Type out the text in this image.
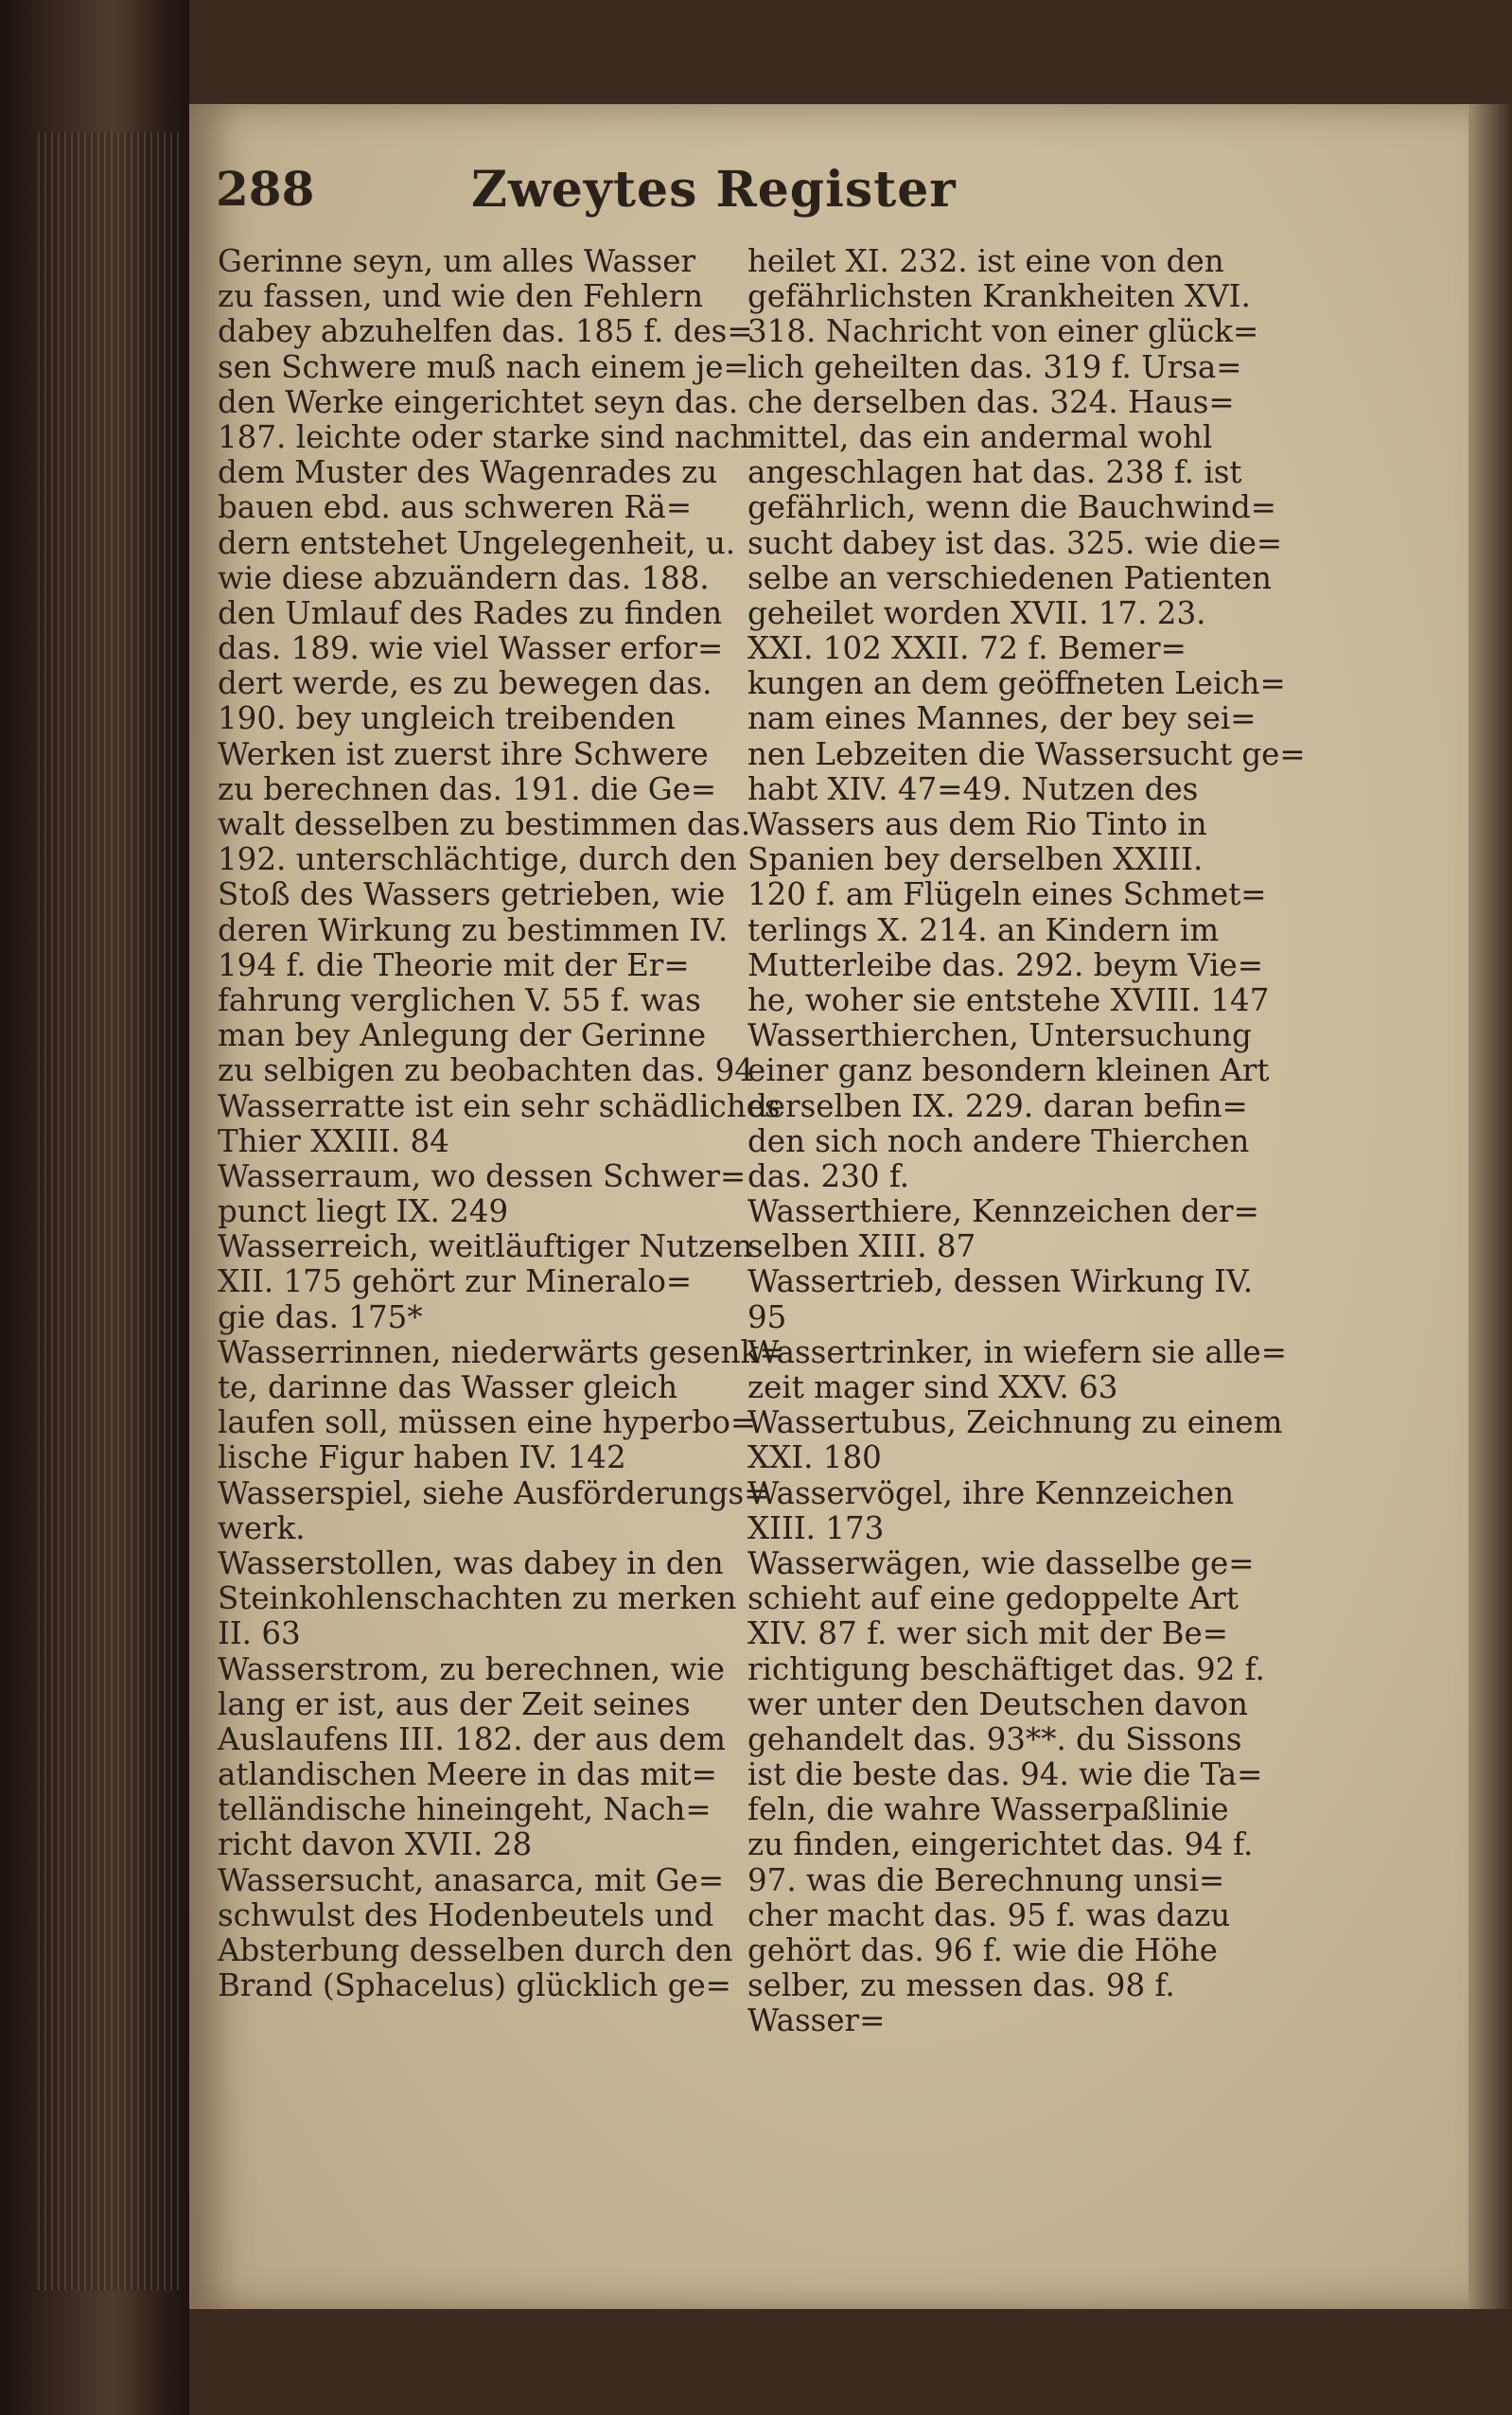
288	Zweytes Register
Gerinne seyn, um alles Wasser
zu fassen, und wie den Fehlern
dabey abzuhelfen das. 185 f. des=
sen Schwere muß nach einem je=
den Werke eingerichtet seyn das.
187. leichte oder starke sind nach
dem Muster des Wagenrades zu
bauen ebd. aus schweren Rä=
dern entstehet Ungelegenheit, u.
wie diese abzuändern das. 188.
den Umlauf des Rades zu finden
das. 189. wie viel Wasser erfor=
dert werde, es zu bewegen das.
190. bey ungleich treibenden
Werken ist zuerst ihre Schwere
zu berechnen das. 191. die Ge=
walt desselben zu bestimmen das.
192. unterschlächtige, durch den
Stoß des Wassers getrieben, wie
deren Wirkung zu bestimmen IV.
194 f. die Theorie mit der Er=
fahrung verglichen V. 55 f. was
man bey Anlegung der Gerinne
zu selbigen zu beobachten das. 94
Wasserratte ist ein sehr schädliches
Thier XXIII. 84
Wasserraum, wo dessen Schwer=
punct liegt IX. 249
Wasserreich, weitläuftiger Nutzen
XII. 175 gehört zur Mineralo=
gie das. 175*
Wasserrinnen, niederwärts gesenk=
te, darinne das Wasser gleich
laufen soll, müssen eine hyperbo=
lische Figur haben IV. 142
Wasserspiel, siehe Ausförderungs=
werk.
Wasserstollen, was dabey in den
Steinkohlenschachten zu merken
II. 63
Wasserstrom, zu berechnen, wie
lang er ist, aus der Zeit seines
Auslaufens III. 182. der aus dem
atlandischen Meere in das mit=
telländische hineingeht, Nach=
richt davon XVII. 28
Wassersucht, anasarca, mit Ge=
schwulst des Hodenbeutels und
Absterbung desselben durch den
Brand (Sphacelus) glücklich ge=
heilet XI. 232. ist eine von den
gefährlichsten Krankheiten XVI.
318. Nachricht von einer glück=
lich geheilten das. 319 f. Ursa=
che derselben das. 324. Haus=
mittel, das ein andermal wohl
angeschlagen hat das. 238 f. ist
gefährlich, wenn die Bauchwind=
sucht dabey ist das. 325. wie die=
selbe an verschiedenen Patienten
geheilet worden XVII. 17. 23.
XXI. 102 XXII. 72 f. Bemer=
kungen an dem geöffneten Leich=
nam eines Mannes, der bey sei=
nen Lebzeiten die Wassersucht ge=
habt XIV. 47=49. Nutzen des
Wassers aus dem Rio Tinto in
Spanien bey derselben XXIII.
120 f. am Flügeln eines Schmet=
terlings X. 214. an Kindern im
Mutterleibe das. 292. beym Vie=
he, woher sie entstehe XVIII. 147
Wasserthierchen, Untersuchung
einer ganz besondern kleinen Art
derselben IX. 229. daran befin=
den sich noch andere Thierchen
das. 230 f.
Wasserthiere, Kennzeichen der=
selben XIII. 87
Wassertrieb, dessen Wirkung IV.
95
Wassertrinker, in wiefern sie alle=
zeit mager sind XXV. 63
Wassertubus, Zeichnung zu einem
XXI. 180
Wasservögel, ihre Kennzeichen
XIII. 173
Wasserwägen, wie dasselbe ge=
schieht auf eine gedoppelte Art
XIV. 87 f. wer sich mit der Be=
richtigung beschäftiget das. 92 f.
wer unter den Deutschen davon
gehandelt das. 93**. du Sissons
ist die beste das. 94. wie die Ta=
feln, die wahre Wasserpaßlinie
zu finden, eingerichtet das. 94 f.
97. was die Berechnung unsi=
cher macht das. 95 f. was dazu
gehört das. 96 f. wie die Höhe
selber, zu messen das. 98 f.
Wasser=
